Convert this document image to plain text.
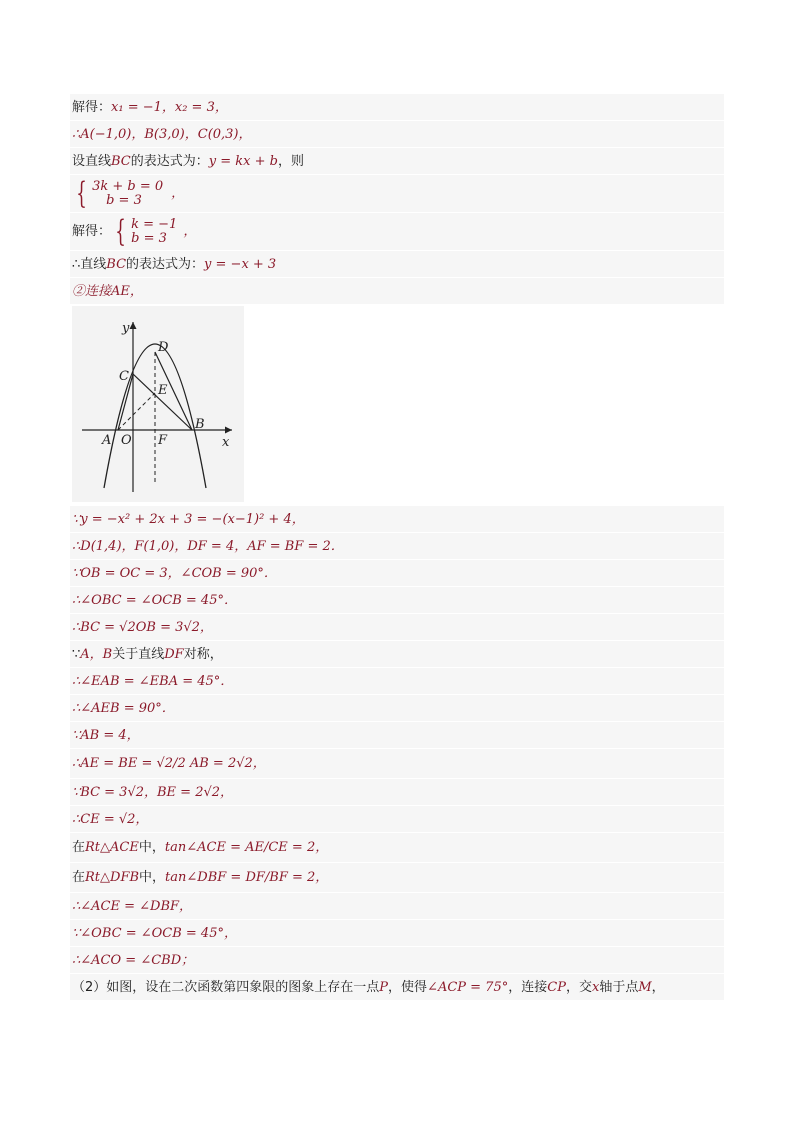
解得： x₁ = −1，x₂ = 3，
∴A(−1,0)，B(3,0)，C(0,3)，
设直线 BC 的表达式为： y = kx + b ，则
{ 3k + b = 0
b = 3	，
解得： { k = −1
b = 3	，
∴直线 BC 的表达式为： y = −x + 3
②连接AE，
y
x
D
C
E
B
A O F
∵y = −x² + 2x + 3 = −(x−1)² + 4，
∴D(1,4)，F(1,0)，DF = 4，AF = BF = 2．
∵OB = OC = 3，∠COB = 90°．
∴∠OBC = ∠OCB = 45°．
∴BC = √2OB = 3√2，
∵ A，B 关于直线 DF 对称，
∴∠EAB = ∠EBA = 45°．
∴∠AEB = 90°．
∵AB = 4，
∴AE = BE = √2/2 AB = 2√2，
∵BC = 3√2，BE = 2√2，
∴CE = √2，
在 Rt△ACE 中， tan∠ACE = AE/CE = 2，
在 Rt△DFB 中， tan∠DBF = DF/BF = 2，
∴∠ACE = ∠DBF，
∵∠OBC = ∠OCB = 45°，
∴∠ACO = ∠CBD；
（2）如图，设在二次函数第四象限的图象上存在一点 P ，使得 ∠ACP = 75° ，连接 CP ，交 x 轴于点 M ，
